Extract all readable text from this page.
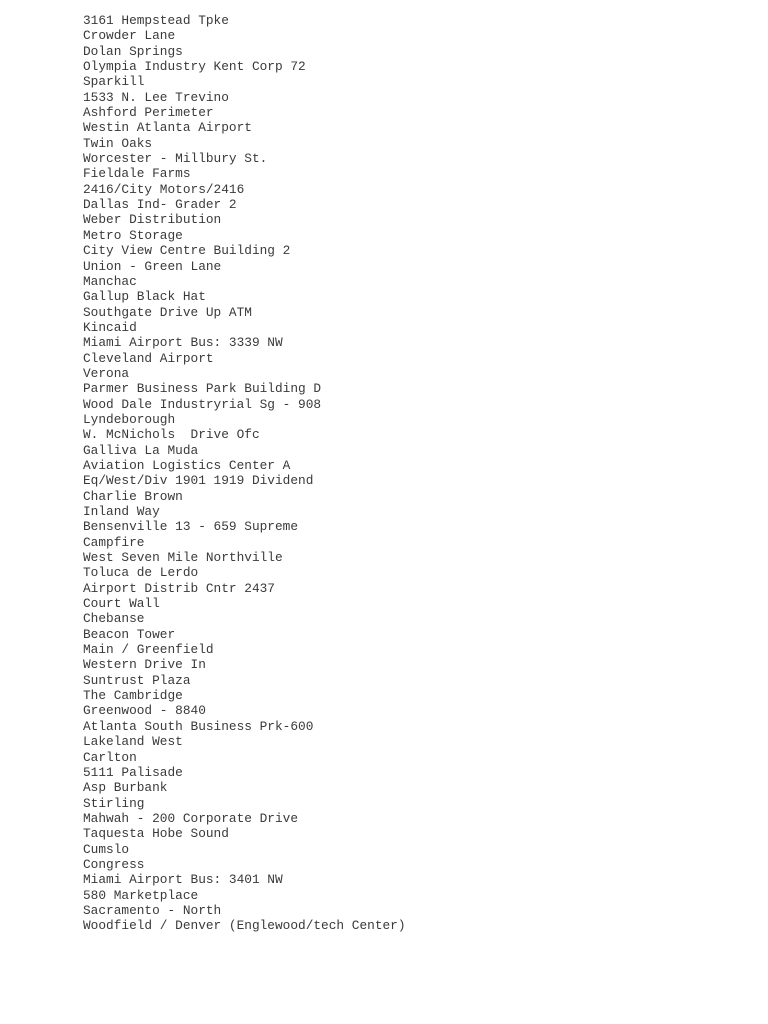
3161 Hempstead Tpke
Crowder Lane
Dolan Springs
Olympia Industry Kent Corp 72
Sparkill
1533 N. Lee Trevino
Ashford Perimeter
Westin Atlanta Airport
Twin Oaks
Worcester - Millbury St.
Fieldale Farms
2416/City Motors/2416
Dallas Ind- Grader 2
Weber Distribution
Metro Storage
City View Centre Building 2
Union - Green Lane
Manchac
Gallup Black Hat
Southgate Drive Up ATM
Kincaid
Miami Airport Bus: 3339 NW
Cleveland Airport
Verona
Parmer Business Park Building D
Wood Dale Industryrial Sg - 908
Lyndeborough
W. McNichols  Drive Ofc
Galliva La Muda
Aviation Logistics Center A
Eq/West/Div 1901 1919 Dividend
Charlie Brown
Inland Way
Bensenville 13 - 659 Supreme
Campfire
West Seven Mile Northville
Toluca de Lerdo
Airport Distrib Cntr 2437
Court Wall
Chebanse
Beacon Tower
Main / Greenfield
Western Drive In
Suntrust Plaza
The Cambridge
Greenwood - 8840
Atlanta South Business Prk-600
Lakeland West
Carlton
5111 Palisade
Asp Burbank
Stirling
Mahwah - 200 Corporate Drive
Taquesta Hobe Sound
Cumslo
Congress
Miami Airport Bus: 3401 NW
580 Marketplace
Sacramento - North
Woodfield / Denver (Englewood/tech Center)
